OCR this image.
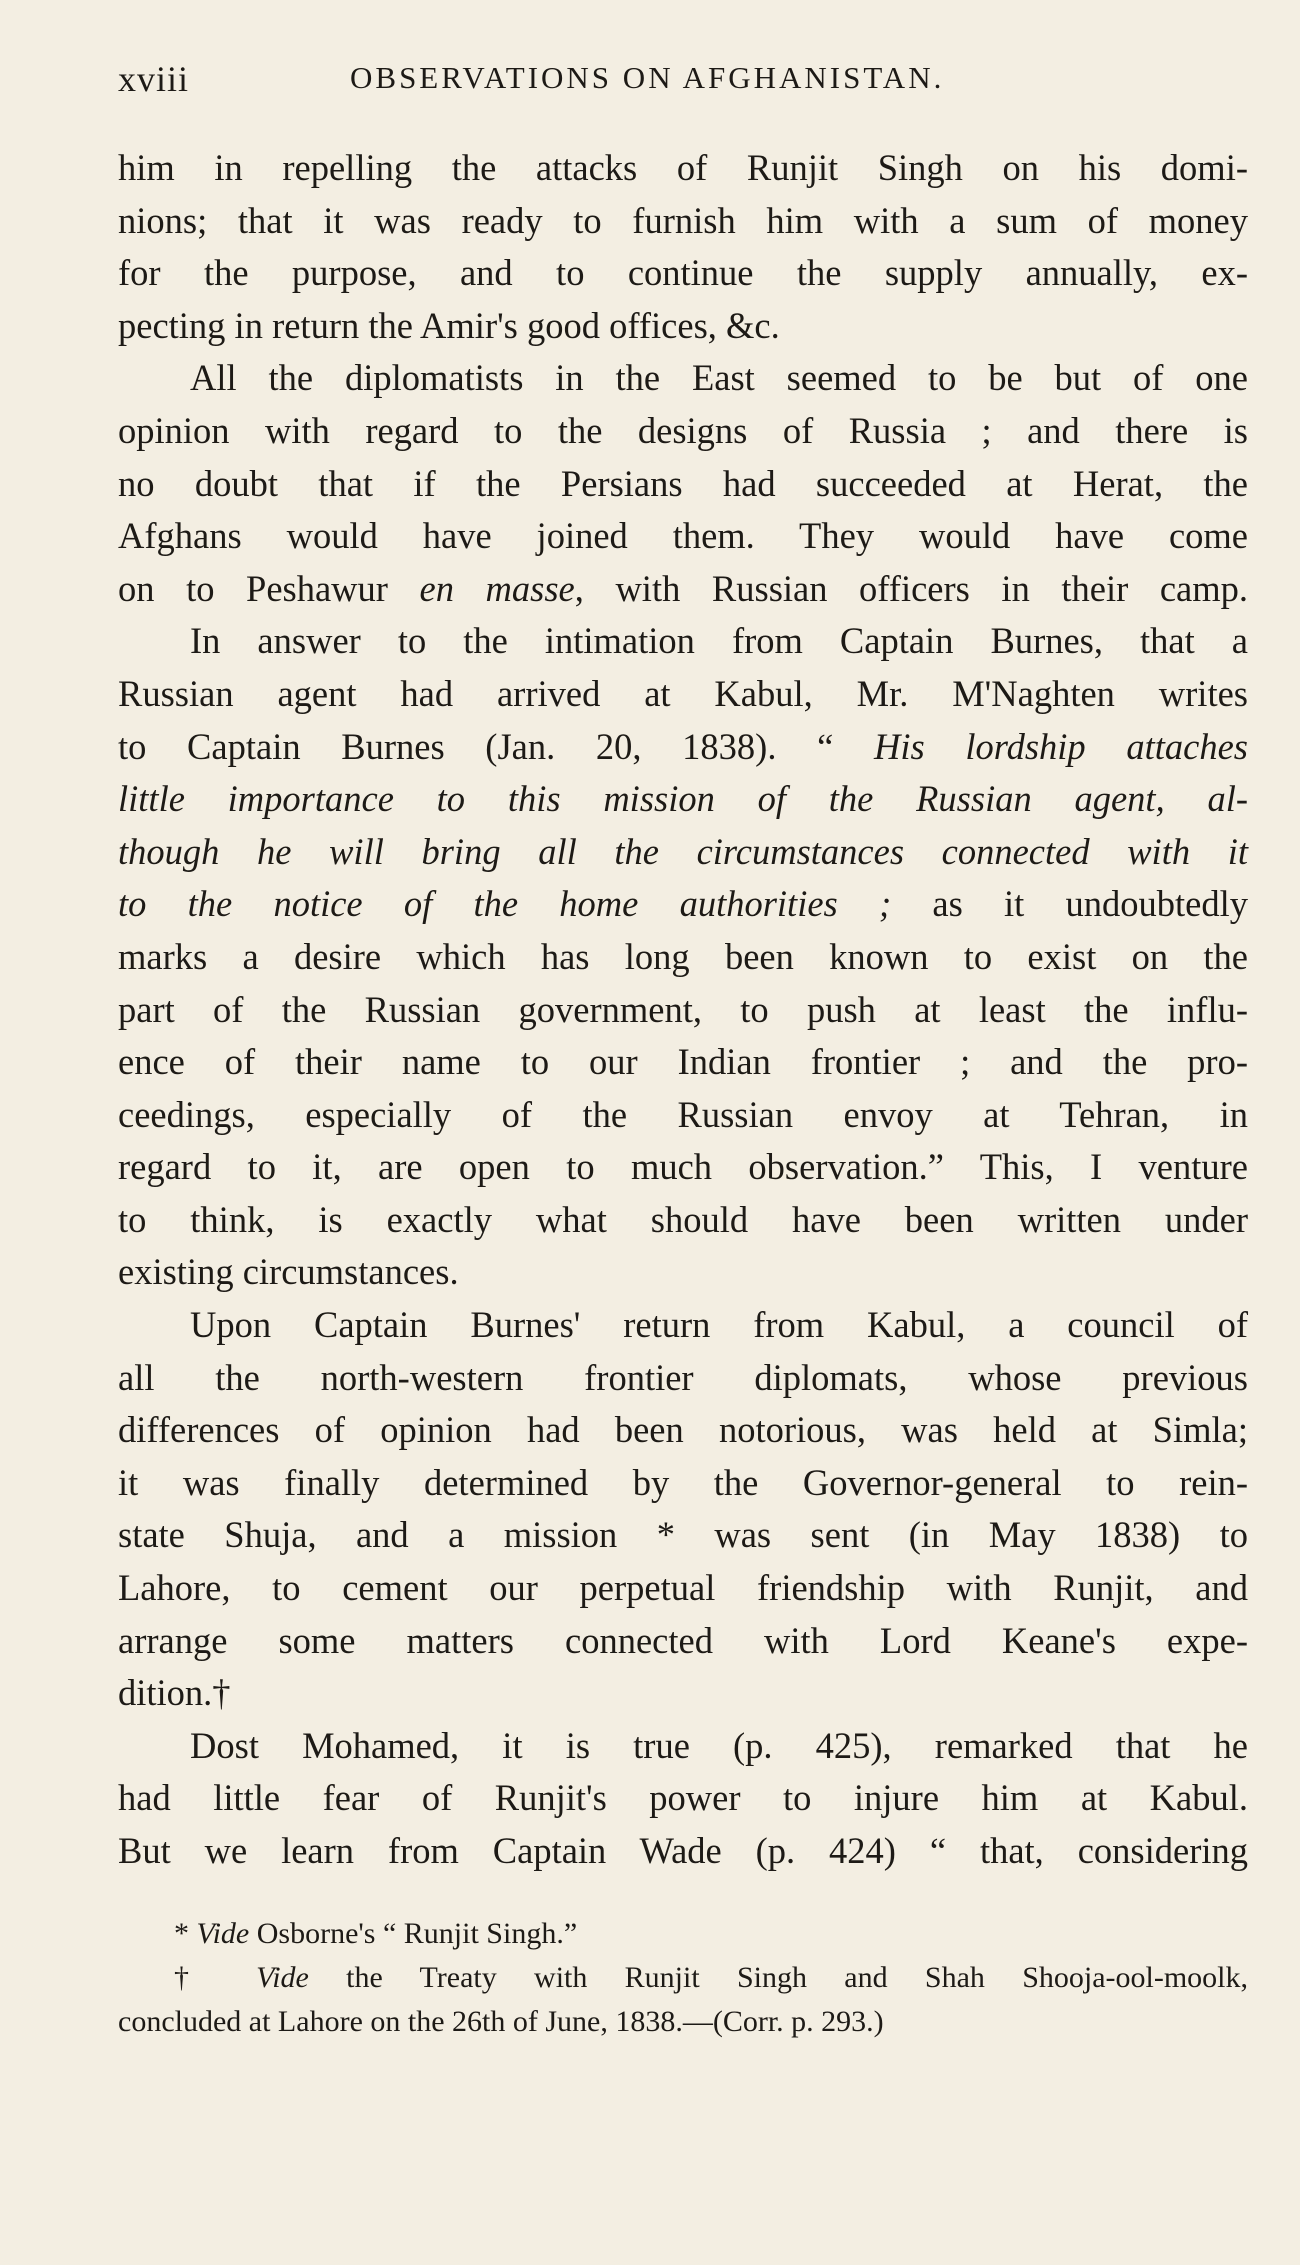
xviii	OBSERVATIONS ON AFGHANISTAN.
him in repelling the attacks of Runjit Singh on his domi-
nions; that it was ready to furnish him with a sum of money
for the purpose, and to continue the supply annually, ex-
pecting in return the Amir's good offices, &c.
All the diplomatists in the East seemed to be but of one
opinion with regard to the designs of Russia ; and there is
no doubt that if the Persians had succeeded at Herat, the
Afghans would have joined them. They would have come
on to Peshawur en masse, with Russian officers in their camp.
In answer to the intimation from Captain Burnes, that a
Russian agent had arrived at Kabul, Mr. M'Naghten writes
to Captain Burnes (Jan. 20, 1838). “ His lordship attaches
little importance to this mission of the Russian agent, al-
though he will bring all the circumstances connected with it
to the notice of the home authorities ; as it undoubtedly
marks a desire which has long been known to exist on the
part of the Russian government, to push at least the influ-
ence of their name to our Indian frontier ; and the pro-
ceedings, especially of the Russian envoy at Tehran, in
regard to it, are open to much observation.” This, I venture
to think, is exactly what should have been written under
existing circumstances.
Upon Captain Burnes' return from Kabul, a council of
all the north-western frontier diplomats, whose previous
differences of opinion had been notorious, was held at Simla;
it was finally determined by the Governor-general to rein-
state Shuja, and a mission * was sent (in May 1838) to
Lahore, to cement our perpetual friendship with Runjit, and
arrange some matters connected with Lord Keane's expe-
dition.†
Dost Mohamed, it is true (p. 425), remarked that he
had little fear of Runjit's power to injure him at Kabul.
But we learn from Captain Wade (p. 424) “ that, considering
* Vide Osborne's “ Runjit Singh.”
† Vide the Treaty with Runjit Singh and Shah Shooja-ool-moolk,
concluded at Lahore on the 26th of June, 1838.—(Corr. p. 293.)
